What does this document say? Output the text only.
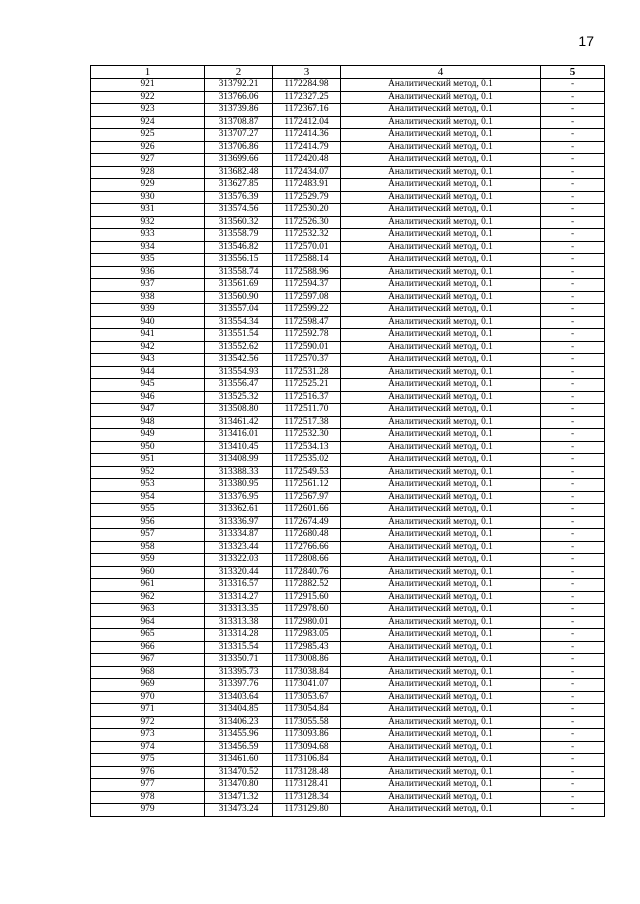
17
1	2	3	4	5
921	313792.21	1172284.98	Аналитический метод, 0.1	-
922	313766.06	1172327.25	Аналитический метод, 0.1	-
923	313739.86	1172367.16	Аналитический метод, 0.1	-
924	313708.87	1172412.04	Аналитический метод, 0.1	-
925	313707.27	1172414.36	Аналитический метод, 0.1	-
926	313706.86	1172414.79	Аналитический метод, 0.1	-
927	313699.66	1172420.48	Аналитический метод, 0.1	-
928	313682.48	1172434.07	Аналитический метод, 0.1	-
929	313627.85	1172483.91	Аналитический метод, 0.1	-
930	313576.39	1172529.79	Аналитический метод, 0.1	-
931	313574.56	1172530.20	Аналитический метод, 0.1	-
932	313560.32	1172526.30	Аналитический метод, 0.1	-
933	313558.79	1172532.32	Аналитический метод, 0.1	-
934	313546.82	1172570.01	Аналитический метод, 0.1	-
935	313556.15	1172588.14	Аналитический метод, 0.1	-
936	313558.74	1172588.96	Аналитический метод, 0.1	-
937	313561.69	1172594.37	Аналитический метод, 0.1	-
938	313560.90	1172597.08	Аналитический метод, 0.1	-
939	313557.04	1172599.22	Аналитический метод, 0.1	-
940	313554.34	1172598.47	Аналитический метод, 0.1	-
941	313551.54	1172592.78	Аналитический метод, 0.1	-
942	313552.62	1172590.01	Аналитический метод, 0.1	-
943	313542.56	1172570.37	Аналитический метод, 0.1	-
944	313554.93	1172531.28	Аналитический метод, 0.1	-
945	313556.47	1172525.21	Аналитический метод, 0.1	-
946	313525.32	1172516.37	Аналитический метод, 0.1	-
947	313508.80	1172511.70	Аналитический метод, 0.1	-
948	313461.42	1172517.38	Аналитический метод, 0.1	-
949	313416.01	1172532.30	Аналитический метод, 0.1	-
950	313410.45	1172534.13	Аналитический метод, 0.1	-
951	313408.99	1172535.02	Аналитический метод, 0.1	-
952	313388.33	1172549.53	Аналитический метод, 0.1	-
953	313380.95	1172561.12	Аналитический метод, 0.1	-
954	313376.95	1172567.97	Аналитический метод, 0.1	-
955	313362.61	1172601.66	Аналитический метод, 0.1	-
956	313336.97	1172674.49	Аналитический метод, 0.1	-
957	313334.87	1172680.48	Аналитический метод, 0.1	-
958	313323.44	1172766.66	Аналитический метод, 0.1	-
959	313322.03	1172808.66	Аналитический метод, 0.1	-
960	313320.44	1172840.76	Аналитический метод, 0.1	-
961	313316.57	1172882.52	Аналитический метод, 0.1	-
962	313314.27	1172915.60	Аналитический метод, 0.1	-
963	313313.35	1172978.60	Аналитический метод, 0.1	-
964	313313.38	1172980.01	Аналитический метод, 0.1	-
965	313314.28	1172983.05	Аналитический метод, 0.1	-
966	313315.54	1172985.43	Аналитический метод, 0.1	-
967	313350.71	1173008.86	Аналитический метод, 0.1	-
968	313395.73	1173038.84	Аналитический метод, 0.1	-
969	313397.76	1173041.07	Аналитический метод, 0.1	-
970	313403.64	1173053.67	Аналитический метод, 0.1	-
971	313404.85	1173054.84	Аналитический метод, 0.1	-
972	313406.23	1173055.58	Аналитический метод, 0.1	-
973	313455.96	1173093.86	Аналитический метод, 0.1	-
974	313456.59	1173094.68	Аналитический метод, 0.1	-
975	313461.60	1173106.84	Аналитический метод, 0.1	-
976	313470.52	1173128.48	Аналитический метод, 0.1	-
977	313470.80	1173128.41	Аналитический метод, 0.1	-
978	313471.32	1173128.34	Аналитический метод, 0.1	-
979	313473.24	1173129.80	Аналитический метод, 0.1	-
